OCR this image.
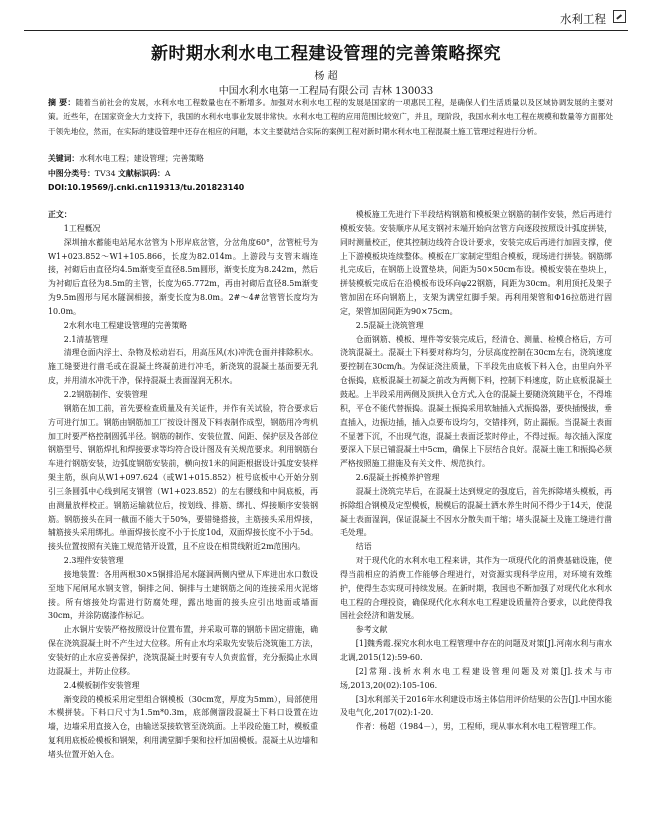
水利工程
新时期水利水电工程建设管理的完善策略探究
杨 超
中国水利水电第一工程局有限公司 吉林 130033
摘 要：随着当前社会的发展，水利水电工程数量也在不断增多。加强对水利水电工程的发展是国家的一项惠民工程，是确保人们生活质量以及区域协调发展的主要对策。近些年，在国家资金大力支持下，我国的水利水电事业发展非常快。水利水电工程的应用范围比较宽广，并且，现阶段，我国水利水电工程在规模和数量等方面都处于领先地位，然而，在实际的建设管理中还存在相应的问题，本文主要就结合实际的案例工程对新时期水利水电工程混凝土施工管理过程进行分析。
关键词：水利水电工程；建设管理；完善策略
中图分类号：TV34 文献标识码：A
DOI:10.19569/j.cnki.cn119313/tu.201823140

正文：

1工程概况

深圳抽水蓄能电站尾水岔管为卜形岸底岔管，分岔角度60°，岔管桩号为W1+023.852～W1+105.866，长度为82.014m。上游段与支管末端连接，衬砌后由直径均4.5m渐变至直径8.5m圆形，渐变长度为8.242m，然后为衬砌后直径为8.5m的主管，长度为65.772m，再由衬砌后直径8.5m渐变为9.5m圆形与尾水隧洞相接，渐变长度为8.0m。2#～4#岔管管长度均为10.0m。

2水利水电工程建设管理的完善策略

2.1清基管理

清理仓面内浮土、杂物及松动岩石，用高压风(水)冲洗仓面并排除积水。施工缝要进行凿毛或在混凝土终凝前进行冲毛，新浇筑的混凝土基面要无乳皮，并用清水冲洗干净，保持混凝土表面湿润无积水。

2.2钢筋制作、安装管理

钢筋在加工前，首先要检查质量及有关证件，并作有关试验，符合要求后方可进行加工。钢筋由钢筋加工厂按设计图及下料表制作成型，钢筋用冷弯机加工时要严格控制圆弧半径。钢筋的制作、安装位置、间距、保护层及各部位钢筋型号、钢筋焊扎和焊接要求等均符合设计图及有关规范要求。利用钢筋台车进行钢筋安装，边弧度钢筋安装前，横向按1米的间距根据设计弧度安装样架主筋，纵向从W1+097.624（或W1+015.852）桩号底板中心开始分别引三条圆弧中心线到尾支钢管（W1+023.852）的左右腰线和中间底板，再由测量放样校正。钢筋运输就位后，按划线、排筋、绑扎、焊接顺序安装钢筋。钢筋接头在同一截面不能大于50%，要错缝搭接，主筋接头采用焊接，辅筋接头采用绑扎。单面焊接长度不小于长度10d，双面焊接长度不小于5d。接头位置按照有关施工规范错开设置，且不应设在相贯线附近2m范围内。

2.3埋件安装管理

接地装置：各用两根30×5铜排沿尾水隧洞两侧内壁从下库进出水口数设至地下尾闸尾水钢支管，铜排之间、铜排与土建钢筋之间的连接采用火泥熔接。所有熔接处均需进行防腐处理，露出地面的接头应引出地面或墙面30cm，并涂防腐漆作标记。

止水铜片安装严格按照设计位置布置，并采取可靠的钢筋卡固定措施，确保在浇筑混凝土时不产生过大位移。所有止水均采取先安装后浇筑施工方法，安装好的止水应妥善保护，浇筑混凝土时要有专人负责监督，充分振捣止水周边混凝土，并防止位移。

2.4模板制作安装管理

渐变段的模板采用定型组合钢模板（30cm宽，厚度为5mm），局部使用木模拼装。下料口尺寸为1.5m*0.3m，底部侧溜段混凝土下料口设置在边墙，边墙采用直接入仓，由输送泵接软管至浇筑面。上半段砼施工时，模板重复利用底板砼模板和钢架，利用满堂脚手架和拉杆加固模板。混凝土从边墙和堵头位置开始入仓。

模板施工先进行下半段结构钢筋和模板架立钢筋的制作安装，然后再进行模板安装。安装顺序从尾支钢衬末端开始向岔管方向逐段按照设计弧度拼装，同时测量校正，使其控制边线符合设计要求，安装完成后再进行加固支撑，使上下游模板块连续整体。模板在厂家制定型组合模板，现场进行拼装。钢筋绑扎完成后，在钢筋上设置垫块，间距为50×50cm布设。模板安装在垫块上，拼装模板完成后在沿模板布设环向φ22钢筋，间距为30cm。利用顶托及架子管加固在环向钢筋上，支架为满堂红脚手架。再利用架管和Φ16拉筋进行固定，架管加固间距为90×75cm。

2.5混凝土浇筑管理

仓面钢筋、模板、埋件等安装完成后，经清仓、测量、检模合格后，方可浇筑混凝土。混凝土下料要对称均匀，分层高度控制在30cm左右，浇筑速度要控制在30cm/h。为保证浇注质量，下半段先由底板下料入仓，由里向外平仓振捣，底板混凝土初凝之前改为两侧下料，控制下料速度，防止底板混凝土鼓起。上半段采用两侧及顶拱入仓方式,入仓的混凝土要随浇筑随平仓，不得堆积，平仓不能代替振捣。混凝土振捣采用软轴插入式振捣器，要快插慢拔，垂直插入，边振边插，插入点要布设均匀，交错排列，防止漏振。当混凝土表面不显著下沉，不出现气泡，混凝土表面泛浆时停止，不得过振。每次插入深度要深入下层已铺混凝土中5cm，确保上下层结合良好。混凝土施工和振捣必须严格按照施工措施及有关文件、规范执行。

2.6混凝土拆模养护管理

混凝土浇筑完毕后，在混凝土达到规定的强度后，首先拆除堵头模板，再拆除组合钢模及定型模板，脱模后的混凝土洒水养生时间不得少于14天，使混凝土表面湿润，保证混凝土不因水分散失而干缩；堵头混凝土及施工缝进行凿毛处理。

结语

对于现代化的水利水电工程来讲，其作为一项现代化的消费基础设施，使得当前相应的消费工作能够合理进行，对资源实现科学应用，对环境有效维护，使得生态实现可持续发展。在新时期，我国也不断加强了对现代化水利水电工程的合理投资，确保现代化水利水电工程建设质量符合要求，以此使得我国社会经济和谐发展。

参考文献

[1]魏秀霞.探究水利水电工程管理中存在的问题及对策[J].河南水利与南水北调,2015(12):59-60.

[2]常翔.浅析水利水电工程建设管理问题及对策[J].技术与市场,2013,20(02):105-106.

[3]水利部关于2016年水利建设市场主体信用评价结果的公告[J].中国水能及电气化,2017(02):1-20.

作者：杨超（1984－），男，工程师，现从事水利水电工程管理工作。
